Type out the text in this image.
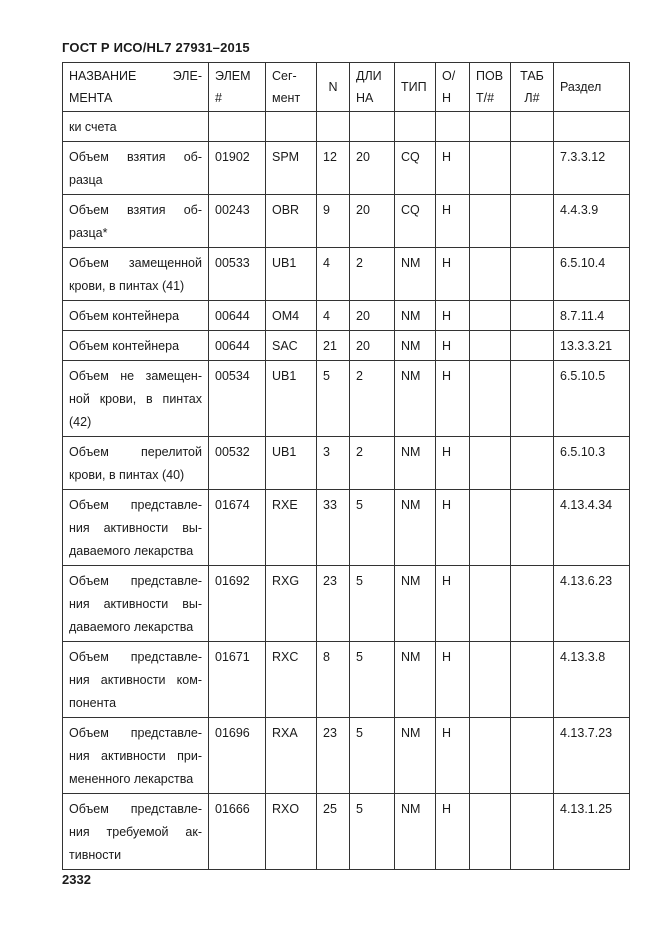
ГОСТ Р ИСО/HL7 27931–2015
НАЗВАНИЕ ЭЛЕ-МЕНТА	ЭЛЕМ #	Сег-мент	N	ДЛИ НА	ТИП	О/Н	ПОВ Т/#	ТАБ Л#	Раздел
ки счета									
Объем взятия об-разца	01902	SPM	12	20	CQ	Н			7.3.3.12
Объем взятия об-разца*	00243	OBR	9	20	CQ	Н			4.4.3.9
Объем замещенной крови, в пинтах (41)	00533	UB1	4	2	NM	Н			6.5.10.4
Объем контейнера	00644	OM4	4	20	NM	Н			8.7.11.4
Объем контейнера	00644	SAC	21	20	NM	Н			13.3.3.21
Объем не замещен-ной крови, в пинтах (42)	00534	UB1	5	2	NM	Н			6.5.10.5
Объем перелитой крови, в пинтах (40)	00532	UB1	3	2	NM	Н			6.5.10.3
Объем представле-ния активности вы-даваемого лекарства	01674	RXE	33	5	NM	Н			4.13.4.34
Объем представле-ния активности вы-даваемого лекарства	01692	RXG	23	5	NM	Н			4.13.6.23
Объем представле-ния активности ком-понента	01671	RXC	8	5	NM	Н			4.13.3.8
Объем представле-ния активности при-мененного лекарства	01696	RXA	23	5	NM	Н			4.13.7.23
Объем представле-ния требуемой ак-тивности	01666	RXO	25	5	NM	Н			4.13.1.25
2332
